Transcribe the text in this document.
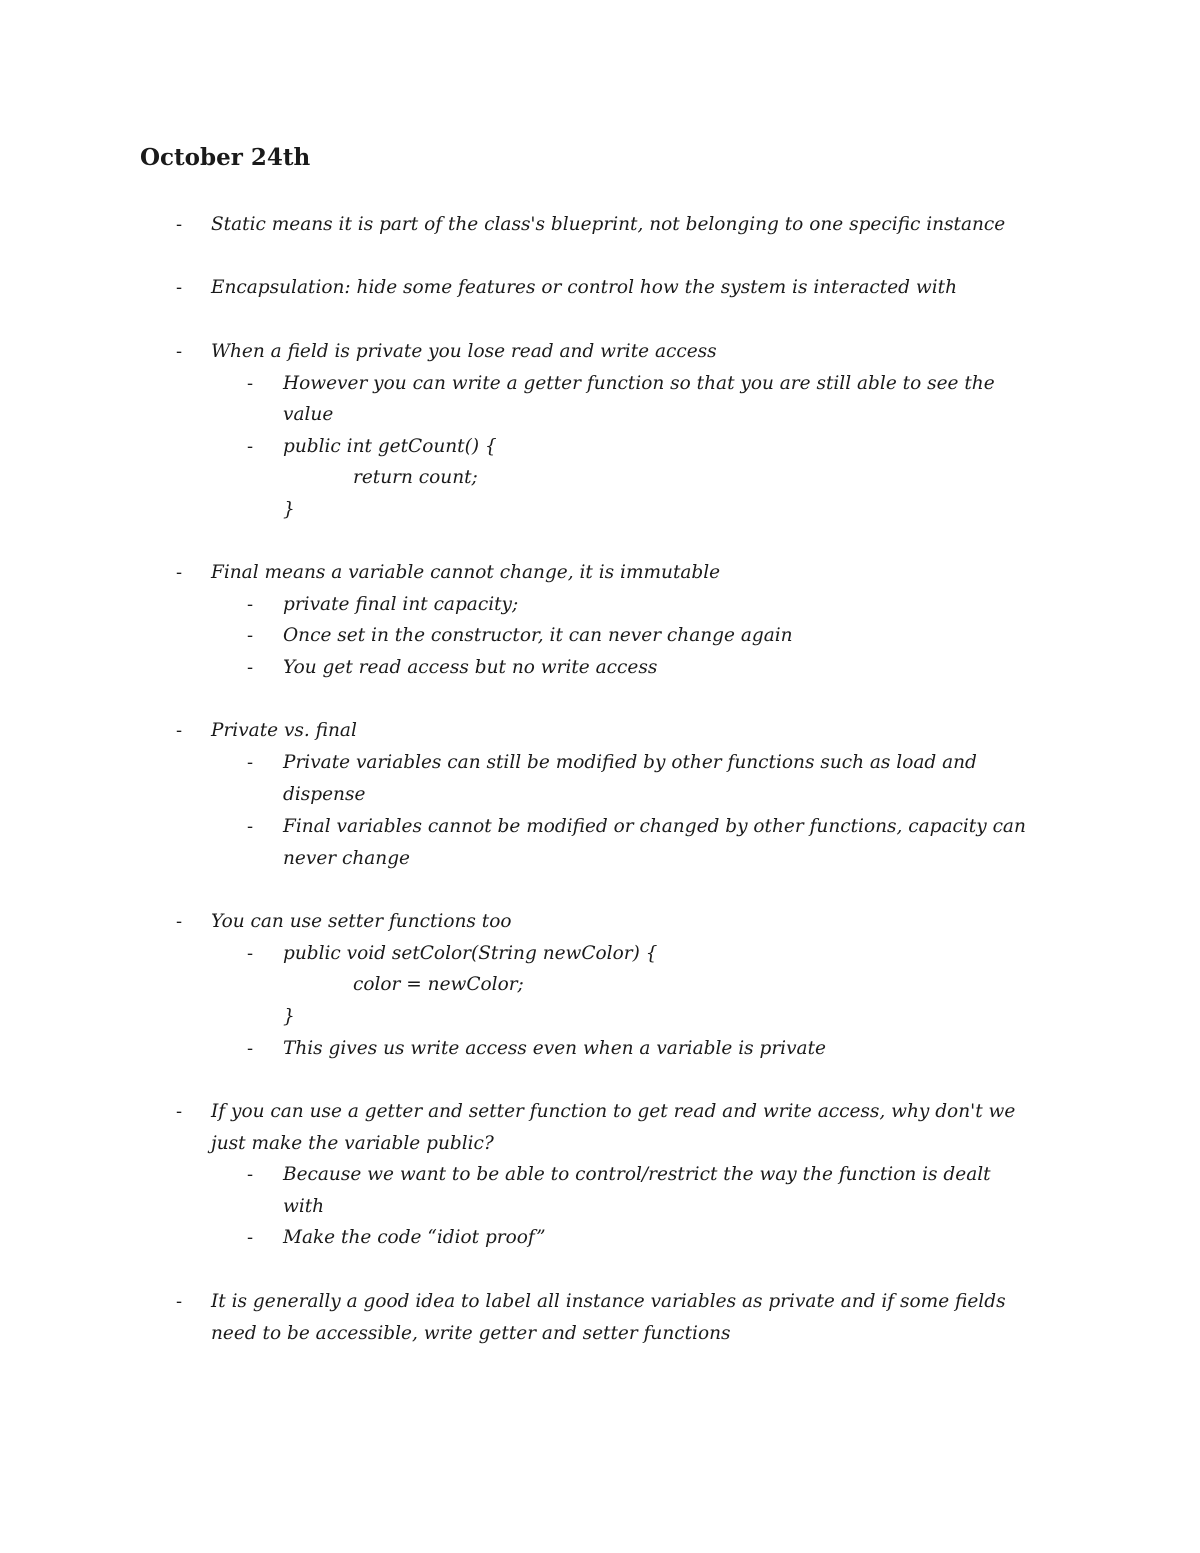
October 24th
- Static means it is part of the class's blueprint, not belonging to one specific instance
- Encapsulation: hide some features or control how the system is interacted with
- When a field is private you lose read and write access
- However you can write a getter function so that you are still able to see the
value
- public int getCount() {
return count;
}
- Final means a variable cannot change, it is immutable
- private final int capacity;
- Once set in the constructor, it can never change again
- You get read access but no write access
- Private vs. final
- Private variables can still be modified by other functions such as load and
dispense
- Final variables cannot be modified or changed by other functions, capacity can
never change
- You can use setter functions too
- public void setColor(String newColor) {
color = newColor;
}
- This gives us write access even when a variable is private
- If you can use a getter and setter function to get read and write access, why don't we
just make the variable public?
- Because we want to be able to control/restrict the way the function is dealt
with
- Make the code “idiot proof”
- It is generally a good idea to label all instance variables as private and if some fields
need to be accessible, write getter and setter functions
